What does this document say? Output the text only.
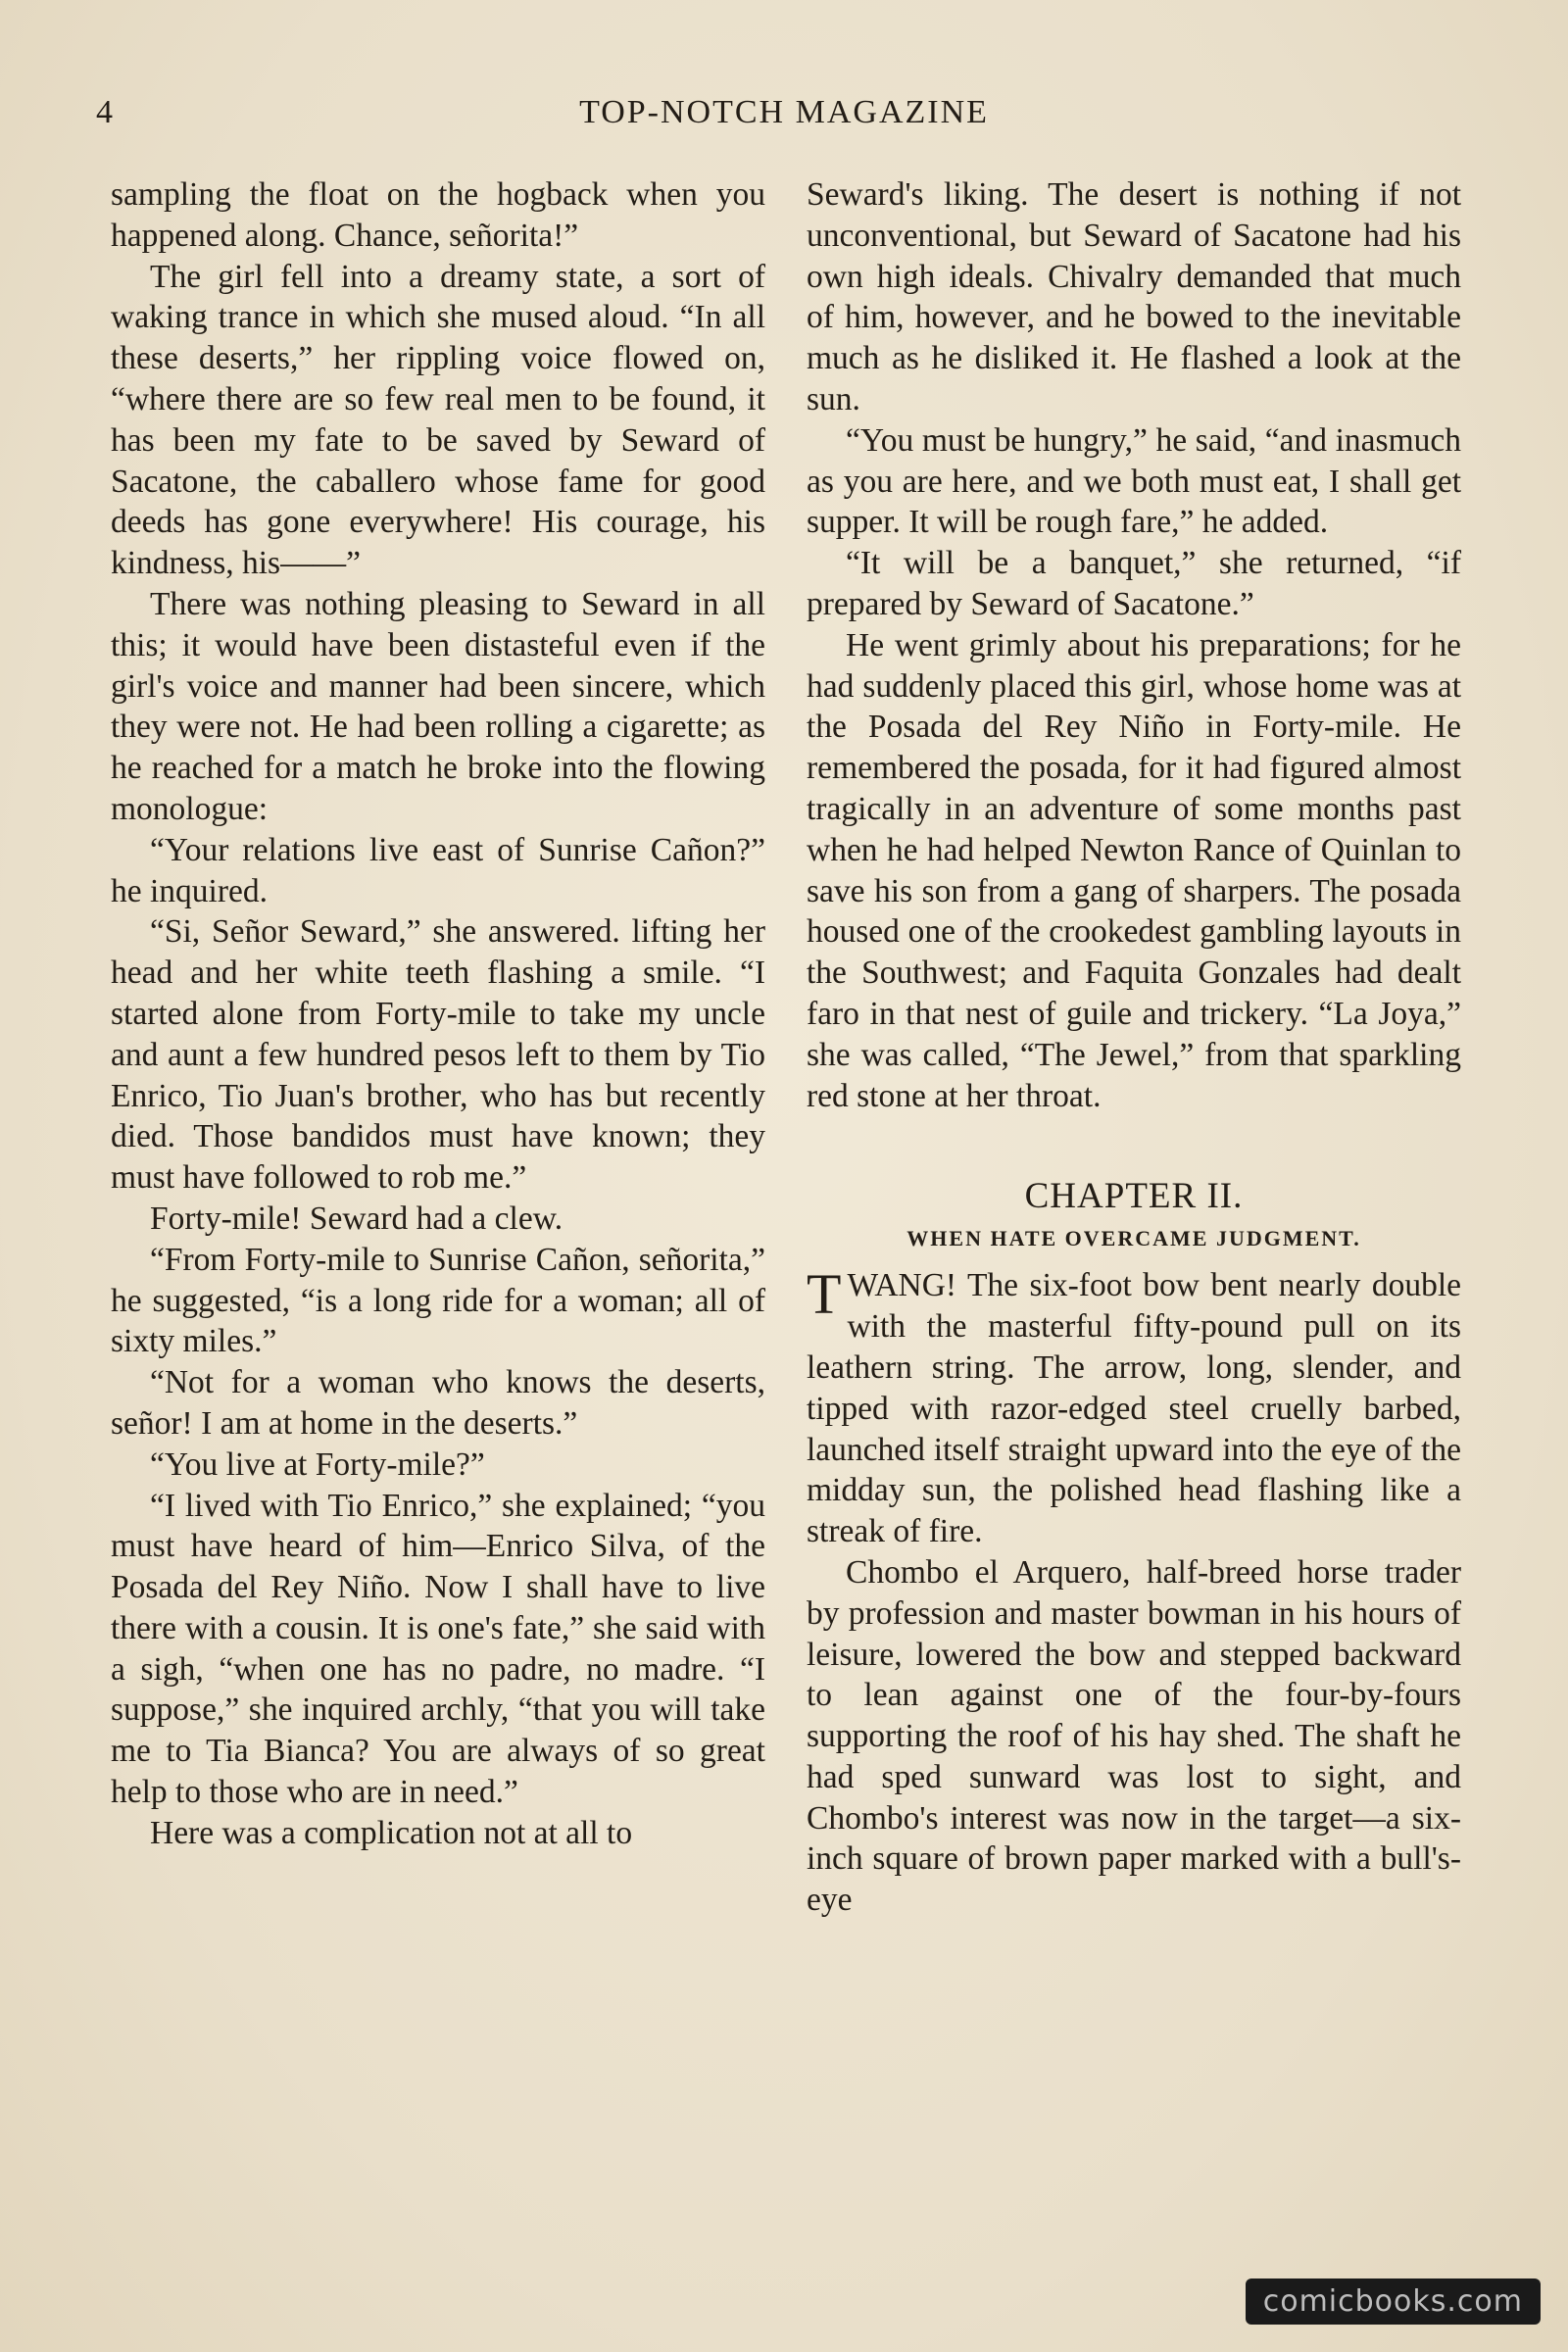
4	TOP-NOTCH MAGAZINE

sampling the float on the hogback when you happened along. Chance, señorita!”

The girl fell into a dreamy state, a sort of waking trance in which she mused aloud. “In all these deserts,” her rippling voice flowed on, “where there are so few real men to be found, it has been my fate to be saved by Seward of Sacatone, the caballero whose fame for good deeds has gone everywhere! His courage, his kindness, his——”

There was nothing pleasing to Seward in all this; it would have been distasteful even if the girl's voice and manner had been sincere, which they were not. He had been rolling a cigarette; as he reached for a match he broke into the flowing monologue:

“Your relations live east of Sunrise Cañon?” he inquired.

“Si, Señor Seward,” she answered. lifting her head and her white teeth flashing a smile. “I started alone from Forty-mile to take my uncle and aunt a few hundred pesos left to them by Tio Enrico, Tio Juan's brother, who has but recently died. Those bandidos must have known; they must have followed to rob me.”

Forty-mile! Seward had a clew.

“From Forty-mile to Sunrise Cañon, señorita,” he suggested, “is a long ride for a woman; all of sixty miles.”

“Not for a woman who knows the deserts, señor! I am at home in the deserts.”

“You live at Forty-mile?”

“I lived with Tio Enrico,” she explained; “you must have heard of him—Enrico Silva, of the Posada del Rey Niño. Now I shall have to live there with a cousin. It is one's fate,” she said with a sigh, “when one has no padre, no madre. “I suppose,” she inquired archly, “that you will take me to Tia Bianca? You are always of so great help to those who are in need.”

Here was a complication not at all to

Seward's liking. The desert is nothing if not unconventional, but Seward of Sacatone had his own high ideals. Chivalry demanded that much of him, however, and he bowed to the inevitable much as he disliked it. He flashed a look at the sun.

“You must be hungry,” he said, “and inasmuch as you are here, and we both must eat, I shall get supper. It will be rough fare,” he added.

“It will be a banquet,” she returned, “if prepared by Seward of Sacatone.”

He went grimly about his preparations; for he had suddenly placed this girl, whose home was at the Posada del Rey Niño in Forty-mile. He remembered the posada, for it had figured almost tragically in an adventure of some months past when he had helped Newton Rance of Quinlan to save his son from a gang of sharpers. The posada housed one of the crookedest gambling layouts in the Southwest; and Faquita Gonzales had dealt faro in that nest of guile and trickery. “La Joya,” she was called, “The Jewel,” from that sparkling red stone at her throat.

CHAPTER II.
WHEN HATE OVERCAME JUDGMENT.

TWANG! The six-foot bow bent nearly double with the masterful fifty-pound pull on its leathern string. The arrow, long, slender, and tipped with razor-edged steel cruelly barbed, launched itself straight upward into the eye of the midday sun, the polished head flashing like a streak of fire.

Chombo el Arquero, half-breed horse trader by profession and master bowman in his hours of leisure, lowered the bow and stepped backward to lean against one of the four-by-fours supporting the roof of his hay shed. The shaft he had sped sunward was lost to sight, and Chombo's interest was now in the target—a six-inch square of brown paper marked with a bull's-eye

comicbooks.com
